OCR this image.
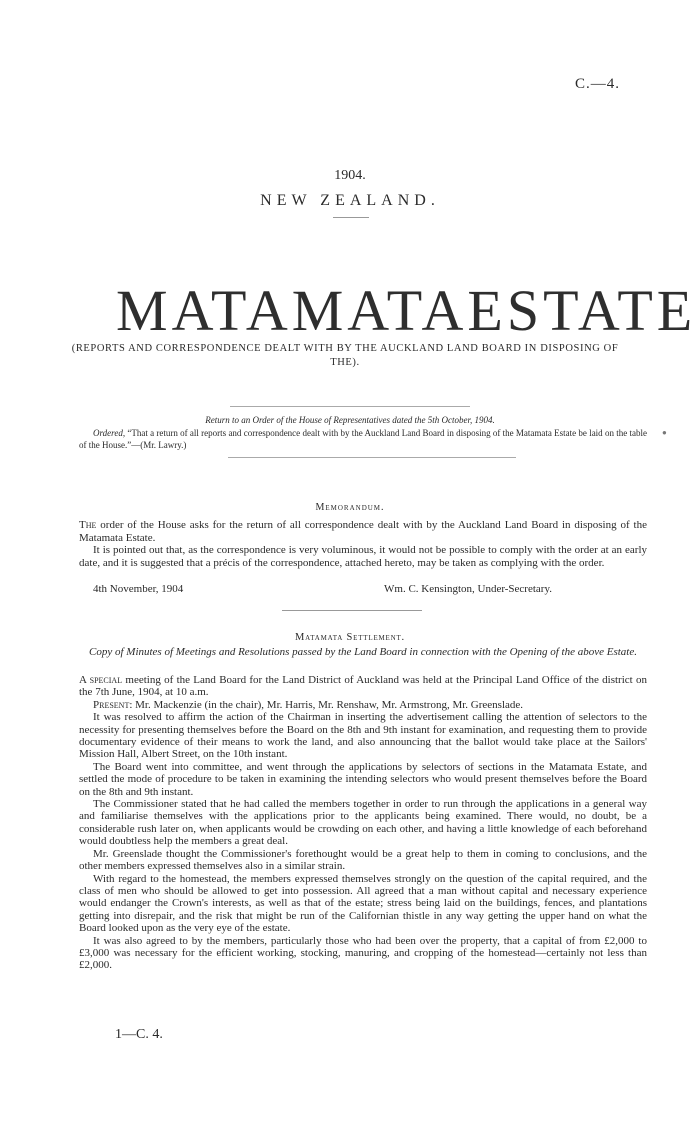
C.—4.
1904.
NEW ZEALAND.
MATAMATA ESTATE
(REPORTS AND CORRESPONDENCE DEALT WITH BY THE AUCKLAND LAND BOARD IN DISPOSING OF THE).
Return to an Order of the House of Representatives dated the 5th October, 1904.
Ordered, “That a return of all reports and correspondence dealt with by the Auckland Land Board in disposing of the Matamata Estate be laid on the table of the House.”—(Mr. Lawry.)
●
Memorandum.

The order of the House asks for the return of all correspondence dealt with by the Auckland Land Board in disposing of the Matamata Estate.

It is pointed out that, as the correspondence is very voluminous, it would not be possible to comply with the order at an early date, and it is suggested that a précis of the correspondence, attached hereto, may be taken as complying with the order.

4th November, 1904	Wm. C. Kensington, Under-Secretary.
Matamata Settlement.
Copy of Minutes of Meetings and Resolutions passed by the Land Board in connection with the Opening of the above Estate.

A special meeting of the Land Board for the Land District of Auckland was held at the Principal Land Office of the district on the 7th June, 1904, at 10 a.m.

Present: Mr. Mackenzie (in the chair), Mr. Harris, Mr. Renshaw, Mr. Armstrong, Mr. Greenslade.

It was resolved to affirm the action of the Chairman in inserting the advertisement calling the attention of selectors to the necessity for presenting themselves before the Board on the 8th and 9th instant for examination, and requesting them to provide documentary evidence of their means to work the land, and also announcing that the ballot would take place at the Sailors' Mission Hall, Albert Street, on the 10th instant.

The Board went into committee, and went through the applications by selectors of sections in the Matamata Estate, and settled the mode of procedure to be taken in examining the intending selectors who would present themselves before the Board on the 8th and 9th instant.

The Commissioner stated that he had called the members together in order to run through the applications in a general way and familiarise themselves with the applications prior to the applicants being examined. There would, no doubt, be a considerable rush later on, when applicants would be crowding on each other, and having a little knowledge of each beforehand would doubtless help the members a great deal.

Mr. Greenslade thought the Commissioner's forethought would be a great help to them in coming to conclusions, and the other members expressed themselves also in a similar strain.

With regard to the homestead, the members expressed themselves strongly on the question of the capital required, and the class of men who should be allowed to get into possession. All agreed that a man without capital and necessary experience would endanger the Crown's interests, as well as that of the estate; stress being laid on the buildings, fences, and plantations getting into disrepair, and the risk that might be run of the Californian thistle in any way getting the upper hand on what the Board looked upon as the very eye of the estate.

It was also agreed to by the members, particularly those who had been over the property, that a capital of from £2,000 to £3,000 was necessary for the efficient working, stocking, manuring, and cropping of the homestead—certainly not less than £2,000.

1—C. 4.
